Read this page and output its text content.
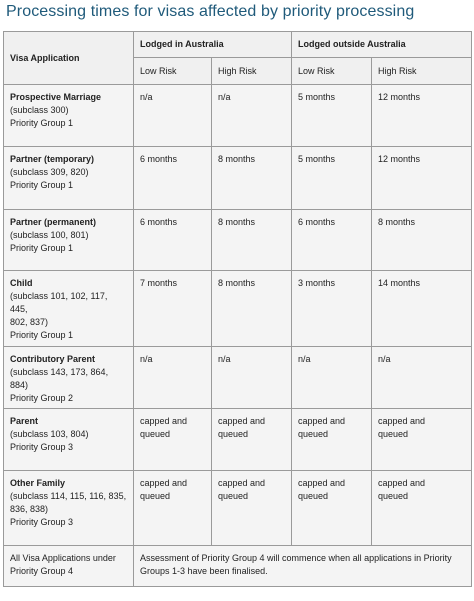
Processing times for visas affected by priority processing
Visa Application	Lodged in Australia		Lodged outside Australia	
	Low Risk	High Risk	Low Risk	High Risk

Prospective Marriage
(subclass 300)
Priority Group 1	n/a	n/a	5 months	12 months

Partner (temporary)
(subclass 309, 820)
Priority Group 1	6 months	8 months	5 months	12 months

Partner (permanent)
(subclass 100, 801)
Priority Group 1	6 months	8 months	6 months	8 months

Child
(subclass 101, 102, 117, 445,
802, 837)
Priority Group 1	7 months	8 months	3 months	14 months

Contributory Parent
(subclass 143, 173, 864, 884)
Priority Group 2	n/a	n/a	n/a	n/a

Parent
(subclass 103, 804)
Priority Group 3	capped and
queued	capped and
queued	capped and
queued	capped and
queued

Other Family
(subclass 114, 115, 116, 835,
836, 838)
Priority Group 3	capped and
queued	capped and
queued	capped and
queued	capped and
queued

All Visa Applications under
Priority Group 4	Assessment of Priority Group 4 will commence when all applications in Priority
Groups 1-3 have been finalised.			
